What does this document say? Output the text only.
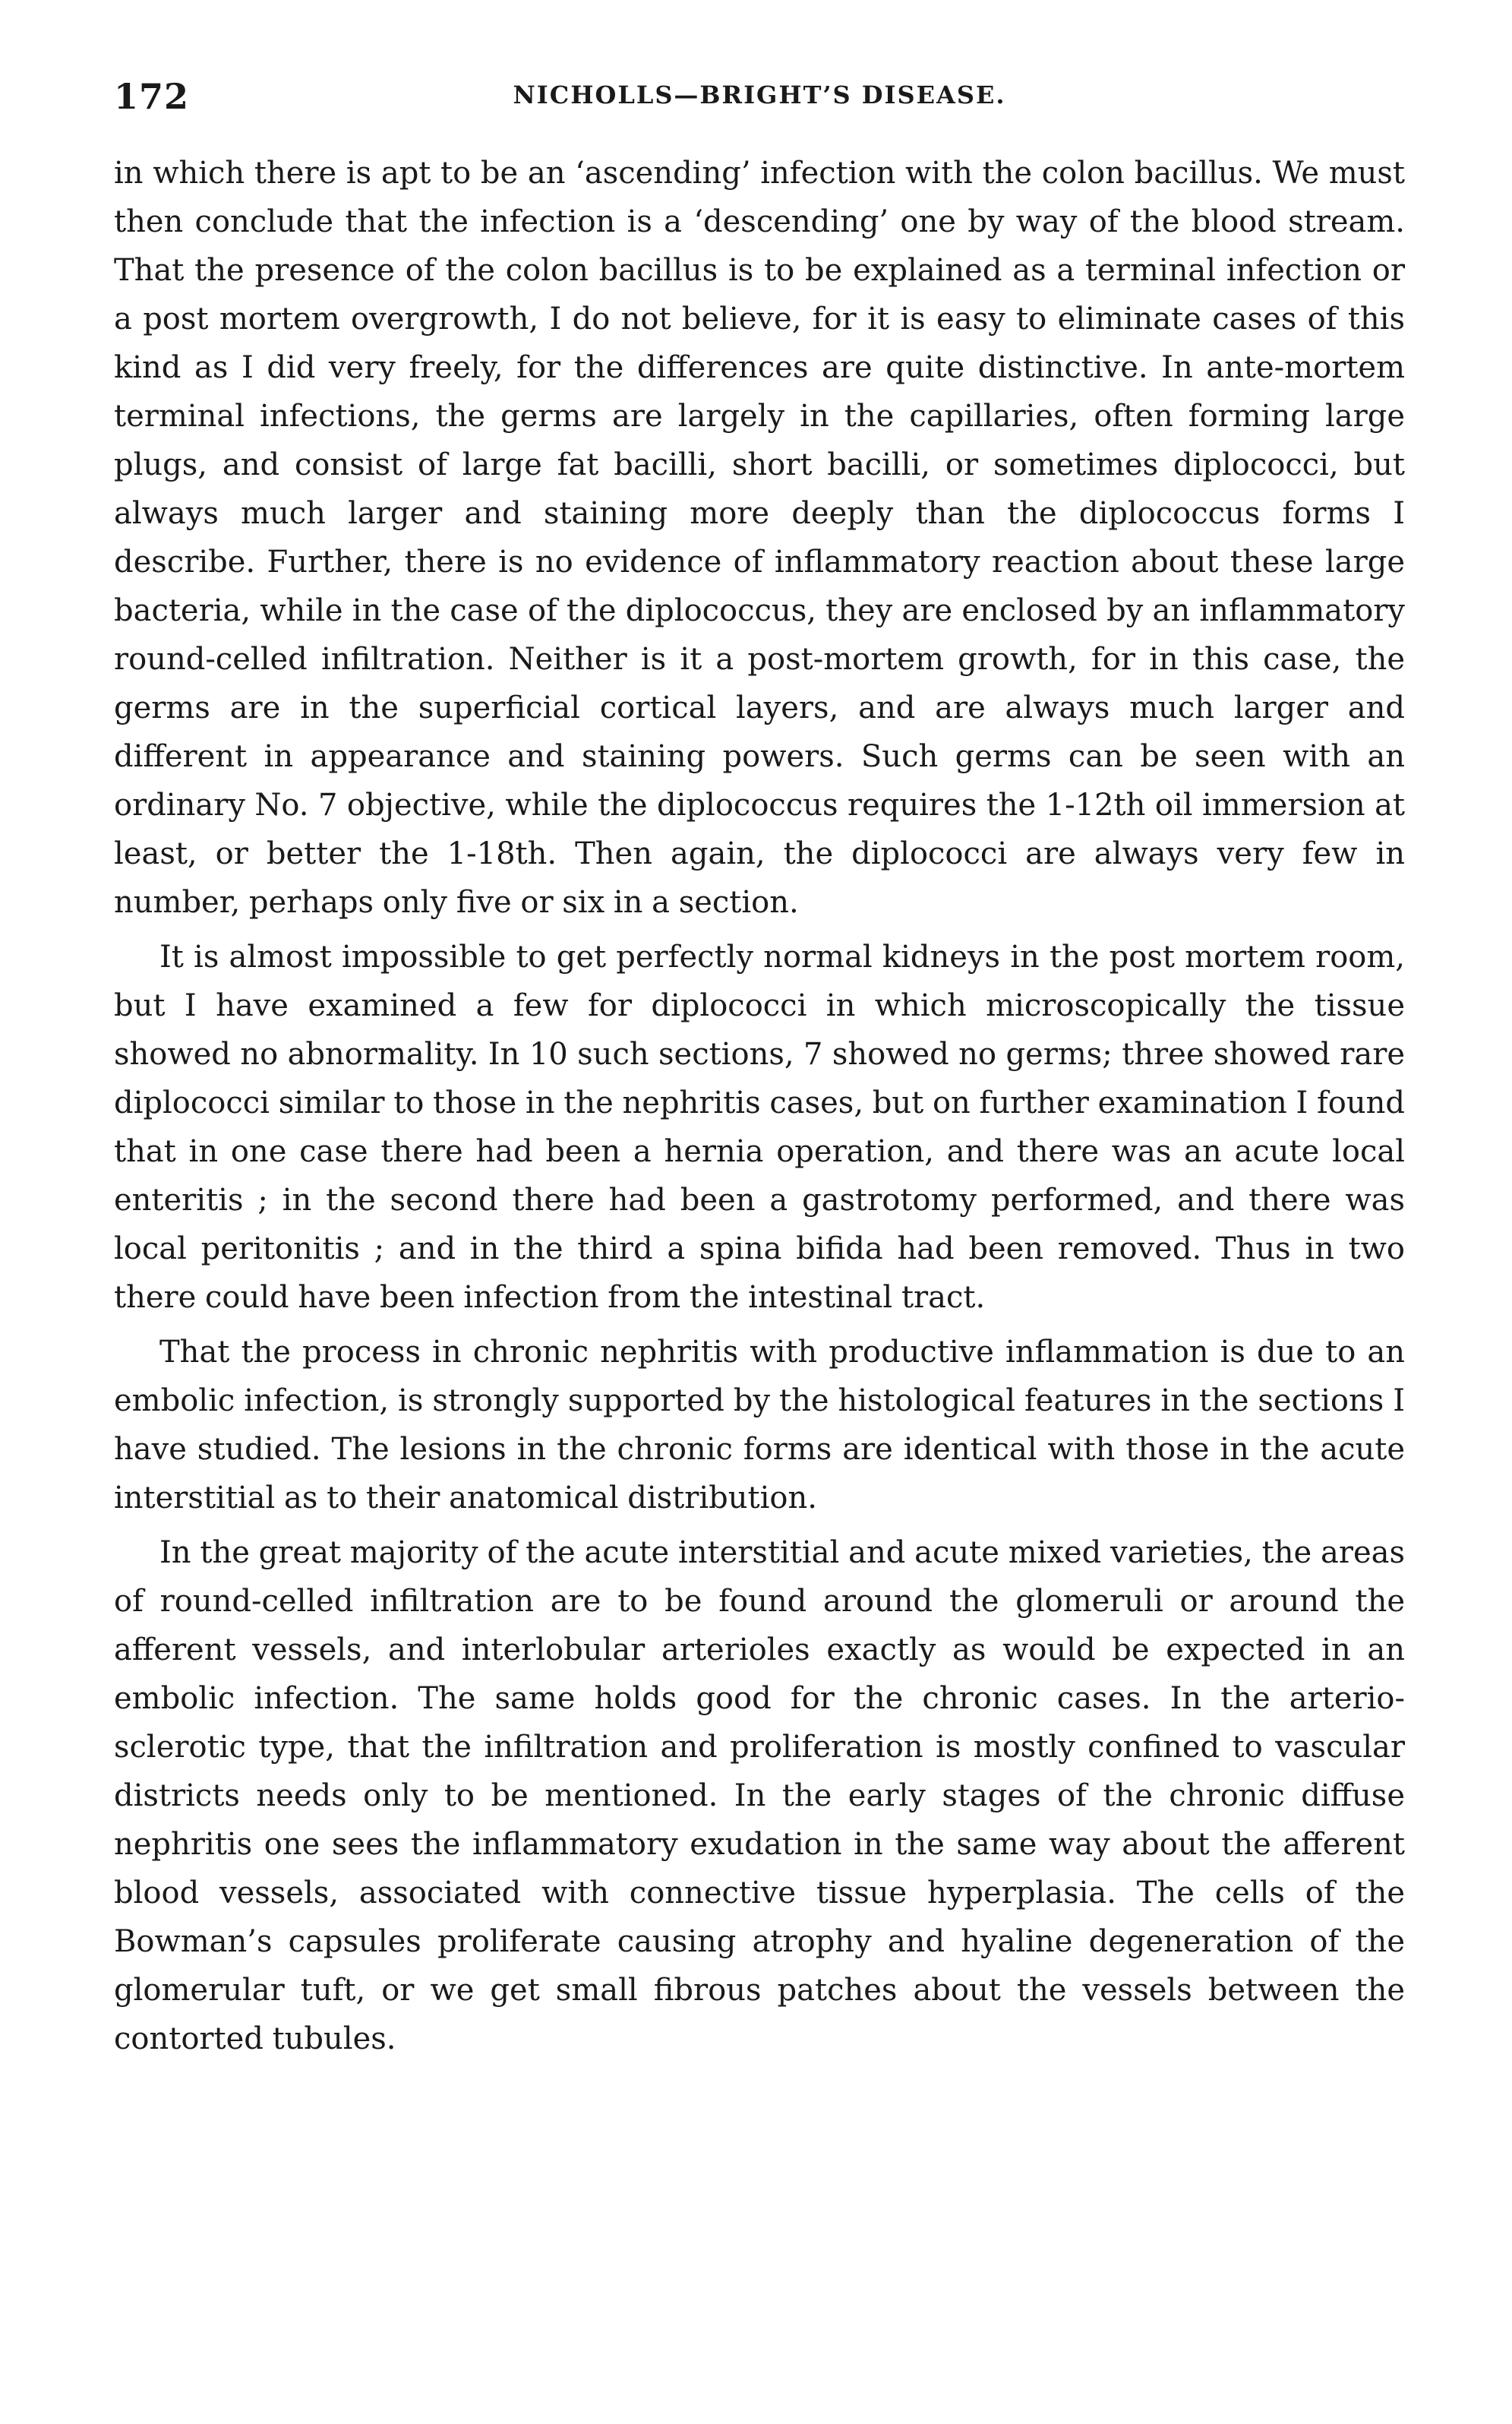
172	NICHOLLS—BRIGHT’S DISEASE.

in which there is apt to be an ‘ascending’ infection with the colon bacillus. We must then conclude that the infection is a ‘descending’ one by way of the blood stream. That the presence of the colon bacillus is to be explained as a terminal infection or a post mortem overgrowth, I do not believe, for it is easy to eliminate cases of this kind as I did very freely, for the differences are quite distinctive. In ante-mortem terminal infections, the germs are largely in the capillaries, often forming large plugs, and consist of large fat bacilli, short bacilli, or sometimes diplococci, but always much larger and staining more deeply than the diplococcus forms I describe. Further, there is no evidence of inflammatory reaction about these large bacteria, while in the case of the diplococcus, they are enclosed by an inflammatory round-celled infiltration. Neither is it a post-mortem growth, for in this case, the germs are in the superficial cortical layers, and are always much larger and different in appearance and staining powers. Such germs can be seen with an ordinary No. 7 objective, while the diplococcus requires the 1-12th oil immersion at least, or better the 1-18th. Then again, the diplococci are always very few in number, perhaps only five or six in a section.

It is almost impossible to get perfectly normal kidneys in the post mortem room, but I have examined a few for diplococci in which microscopically the tissue showed no abnormality. In 10 such sections, 7 showed no germs; three showed rare diplococci similar to those in the nephritis cases, but on further examination I found that in one case there had been a hernia operation, and there was an acute local enteritis ; in the second there had been a gastrotomy performed, and there was local peritonitis ; and in the third a spina bifida had been removed. Thus in two there could have been infection from the intestinal tract.

That the process in chronic nephritis with productive inflammation is due to an embolic infection, is strongly supported by the histological features in the sections I have studied. The lesions in the chronic forms are identical with those in the acute interstitial as to their anatomical distribution.

In the great majority of the acute interstitial and acute mixed varieties, the areas of round-celled infiltration are to be found around the glomeruli or around the afferent vessels, and interlobular arterioles exactly as would be expected in an embolic infection. The same holds good for the chronic cases. In the arterio-sclerotic type, that the infiltration and proliferation is mostly confined to vascular districts needs only to be mentioned. In the early stages of the chronic diffuse nephritis one sees the inflammatory exudation in the same way about the afferent blood vessels, associated with connective tissue hyperplasia. The cells of the Bowman’s capsules proliferate causing atrophy and hyaline degeneration of the glomerular tuft, or we get small fibrous patches about the vessels between the contorted tubules.
